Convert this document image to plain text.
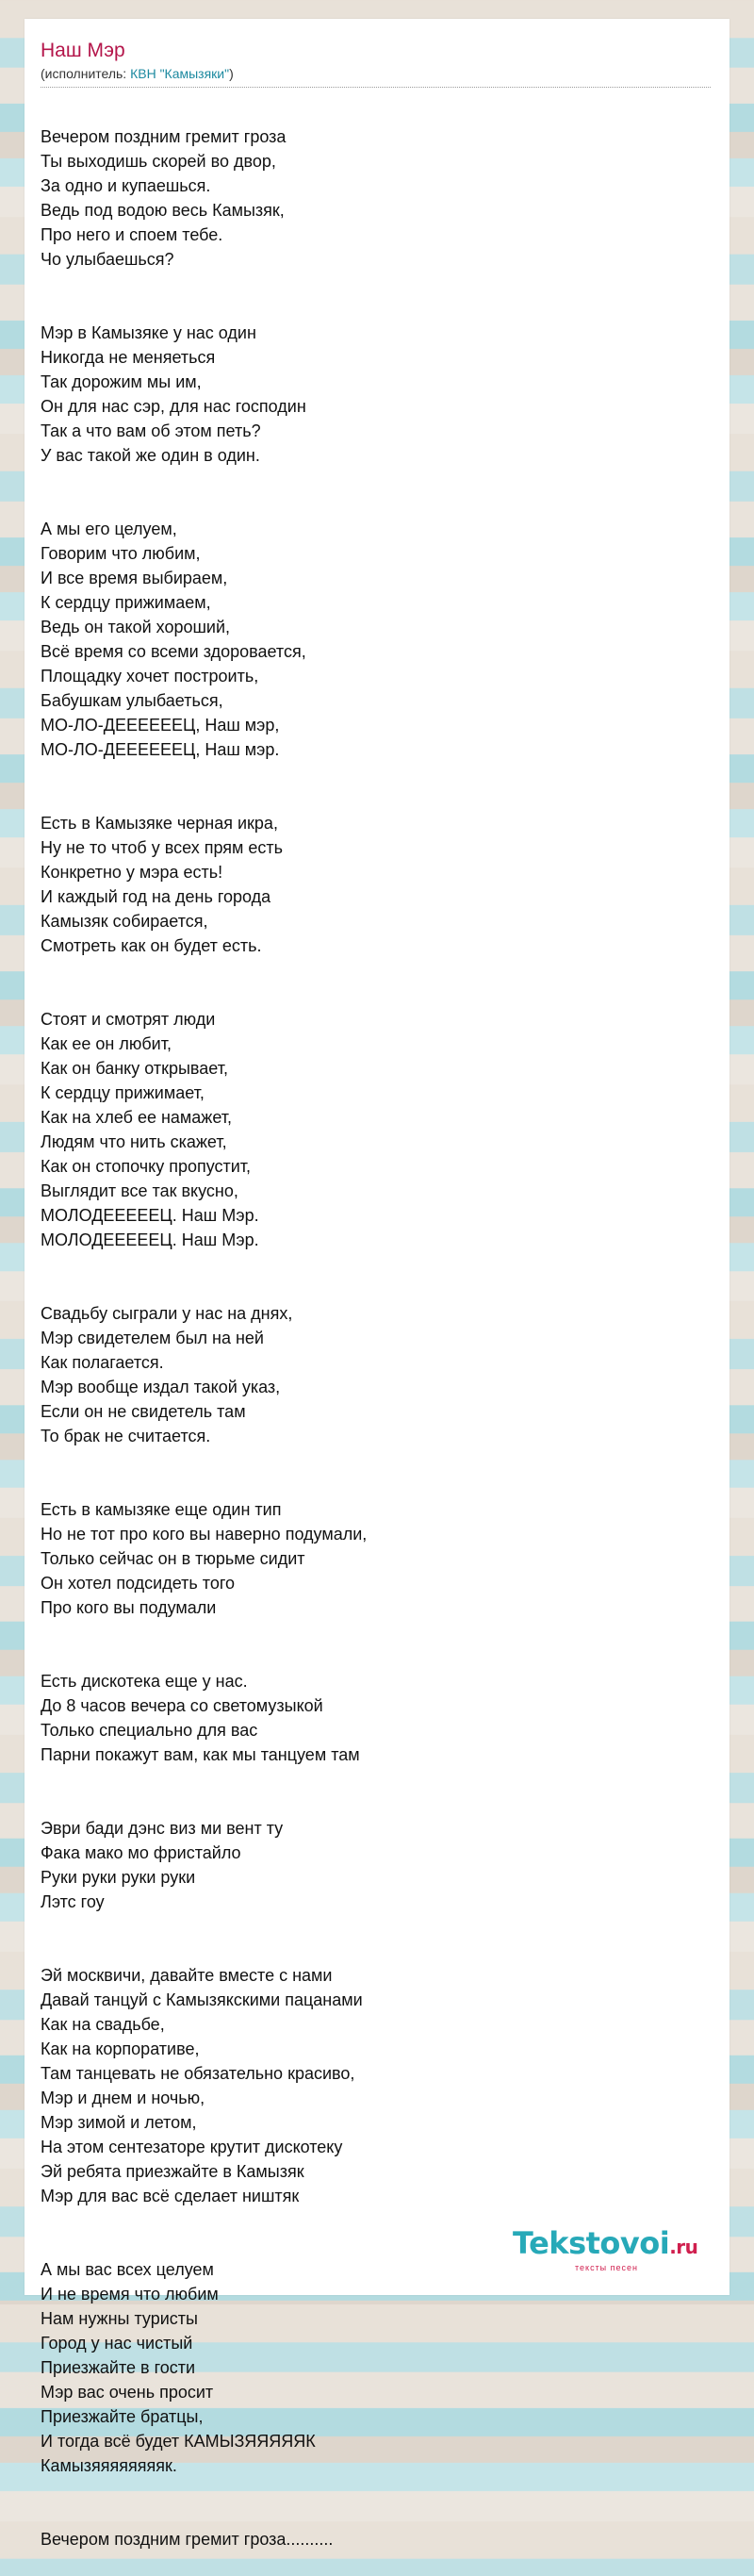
Наш Мэр
(исполнитель: КВН "Камызяки")

Вечером поздним гремит гроза
Ты выходишь скорей во двор,
За одно и купаешься.
Ведь под водою весь Камызяк,
Про него и споем тебе.
Чо улыбаешься?

Мэр в Камызяке у нас один
Никогда не меняеться
Так дорожим мы им,
Он для нас сэр, для нас господин
Так а что вам об этом петь?
У вас такой же один в один.

А мы его целуем,
Говорим что любим,
И все время выбираем,
К сердцу прижимаем,
Ведь он такой хороший,
Всё время со всеми здоровается,
Площадку хочет построить,
Бабушкам улыбаеться,
МО-ЛО-ДЕЕЕЕЕЕЦ, Наш мэр,
МО-ЛО-ДЕЕЕЕЕЕЦ, Наш мэр.

Есть в Камызяке черная икра,
Ну не то чтоб у всех прям есть
Конкретно у мэра есть!
И каждый год на день города
Камызяк собирается,
Смотреть как он будет есть.

Стоят и смотрят люди
Как ее он любит,
Как он банку открывает,
К сердцу прижимает,
Как на хлеб ее намажет,
Людям что нить скажет,
Как он стопочку пропустит,
Выглядит все так вкусно,
МОЛОДЕЕЕЕЕЦ. Наш Мэр.
МОЛОДЕЕЕЕЕЦ. Наш Мэр.

Свадьбу сыграли у нас на днях,
Мэр свидетелем был на ней
Как полагается.
Мэр вообще издал такой указ,
Если он не свидетель там
То брак не считается.

Есть в камызяке еще один тип
Но не тот про кого вы наверно подумали,
Только сейчас он в тюрьме сидит
Он хотел подсидеть того
Про кого вы подумали

Есть дискотека еще у нас.
До 8 часов вечера со светомузыкой
Только специально для вас
Парни покажут вам, как мы танцуем там

Эври бади дэнс виз ми вент ту
Фака мако мо фристайло
Руки руки руки руки
Лэтс гоу

Эй москвичи, давайте вместе с нами
Давай танцуй с Камызякскими пацанами
Как на свадьбе,
Как на корпоративе,
Там танцевать не обязательно красиво,
Мэр и днем и ночью,
Мэр зимой и летом,
На этом сентезаторе крутит дискотеку
Эй ребята приезжайте в Камызяк
Мэр для вас всё сделает ништяк

А мы вас всех целуем
И не время что любим
Нам нужны туристы
Город у нас чистый
Приезжайте в гости
Мэр вас очень просит
Приезжайте братцы,
И тогда всё будет КАМЫЗЯЯЯЯЯК
Камызяяяяяяяяк.

Вечером поздним гремит гроза..........

Tekstovoi.ru
тексты песен
